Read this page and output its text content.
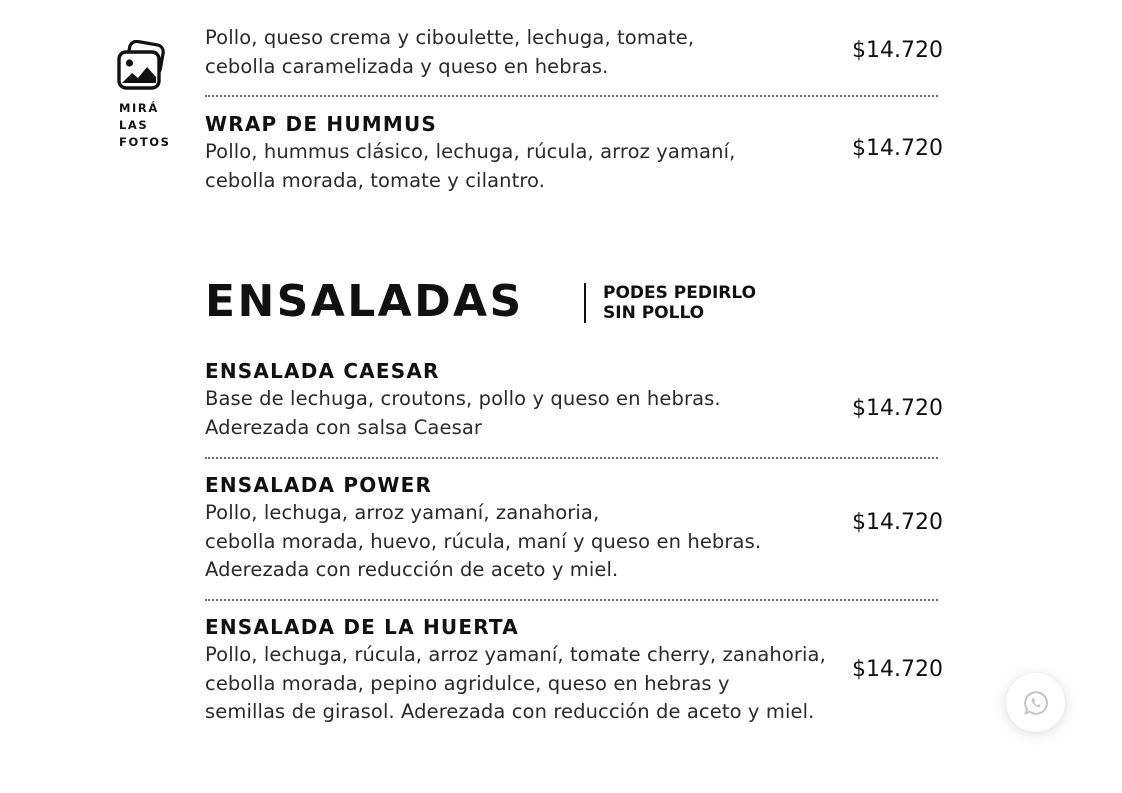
MIRÁ LAS FOTOS
Pollo, queso crema y ciboulette, lechuga, tomate,
cebolla caramelizada y queso en hebras.
$14.720
WRAP DE HUMMUS
Pollo, hummus clásico, lechuga, rúcula, arroz yamaní,
cebolla morada, tomate y cilantro.
$14.720
ENSALADAS	PODES PEDIRLO
SIN POLLO
ENSALADA CAESAR
Base de lechuga, croutons, pollo y queso en hebras.
Aderezada con salsa Caesar
$14.720
ENSALADA POWER
Pollo, lechuga, arroz yamaní, zanahoria,
cebolla morada, huevo, rúcula, maní y queso en hebras.
Aderezada con reducción de aceto y miel.
$14.720
ENSALADA DE LA HUERTA
Pollo, lechuga, rúcula, arroz yamaní, tomate cherry, zanahoria,
cebolla morada, pepino agridulce, queso en hebras y
semillas de girasol. Aderezada con reducción de aceto y miel.
$14.720
